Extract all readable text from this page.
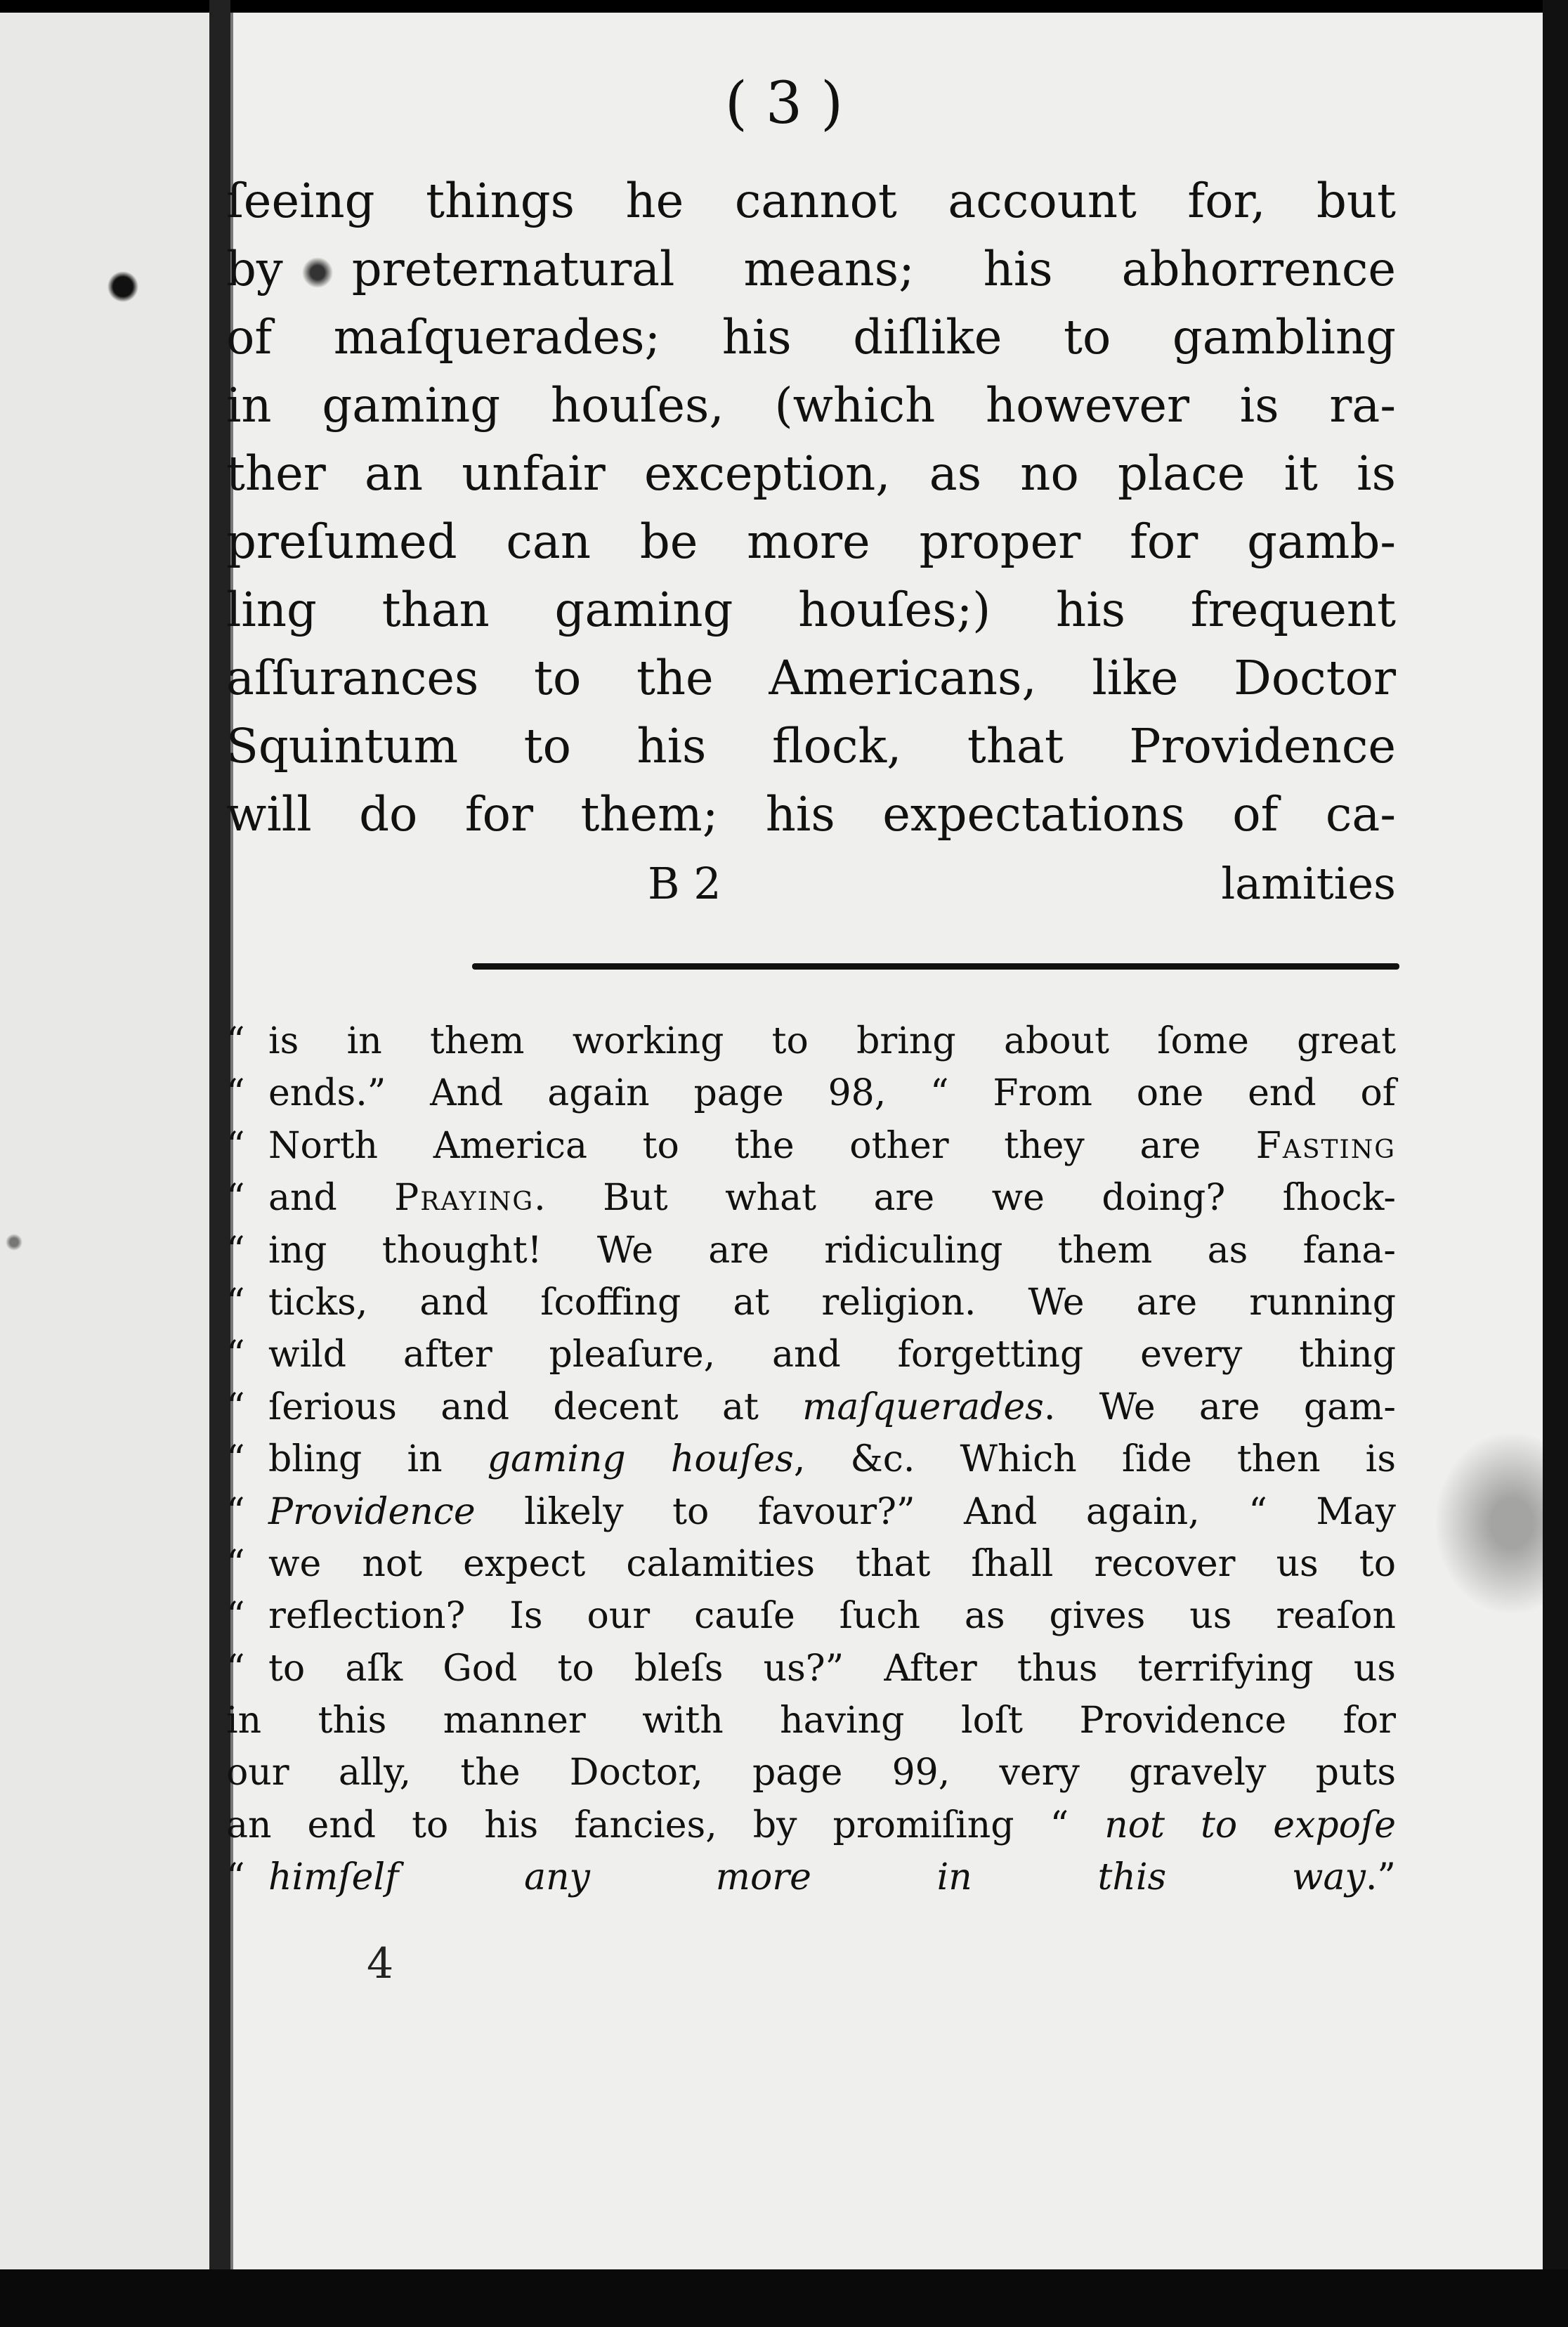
( 3 )
ſeeing things he cannot account for, but
by preternatural means; his abhorrence
of maſquerades; his diſlike to gambling
in gaming houſes, (which however is ra-
ther an unfair exception, as no place it is
preſumed can be more proper for gamb-
ling than gaming houſes;) his frequent
aſſurances to the Americans, like Doctor
Squintum to his flock, that Providence
will do for them; his expectations of ca-
B 2	lamities
“ is in them working to bring about ſome great
“ ends.” And again page 98, “ From one end of
“ North America to the other they are Fasting
“ and Praying. But what are we doing? ſhock-
“ ing thought! We are ridiculing them as fana-
“ ticks, and ſcoffing at religion. We are running
“ wild after pleaſure, and forgetting every thing
“ ſerious and decent at maſquerades. We are gam-
“ bling in gaming houſes, &c. Which ſide then is
“ Providence likely to favour?” And again, “ May
“ we not expect calamities that ſhall recover us to
“ reflection? Is our cauſe ſuch as gives us reaſon
“ to aſk God to bleſs us?” After thus terrifying us
in this manner with having loſt Providence for
our ally, the Doctor, page 99, very gravely puts
an end to his fancies, by promiſing “ not to expoſe
“ himſelf any more in this way.”
4
